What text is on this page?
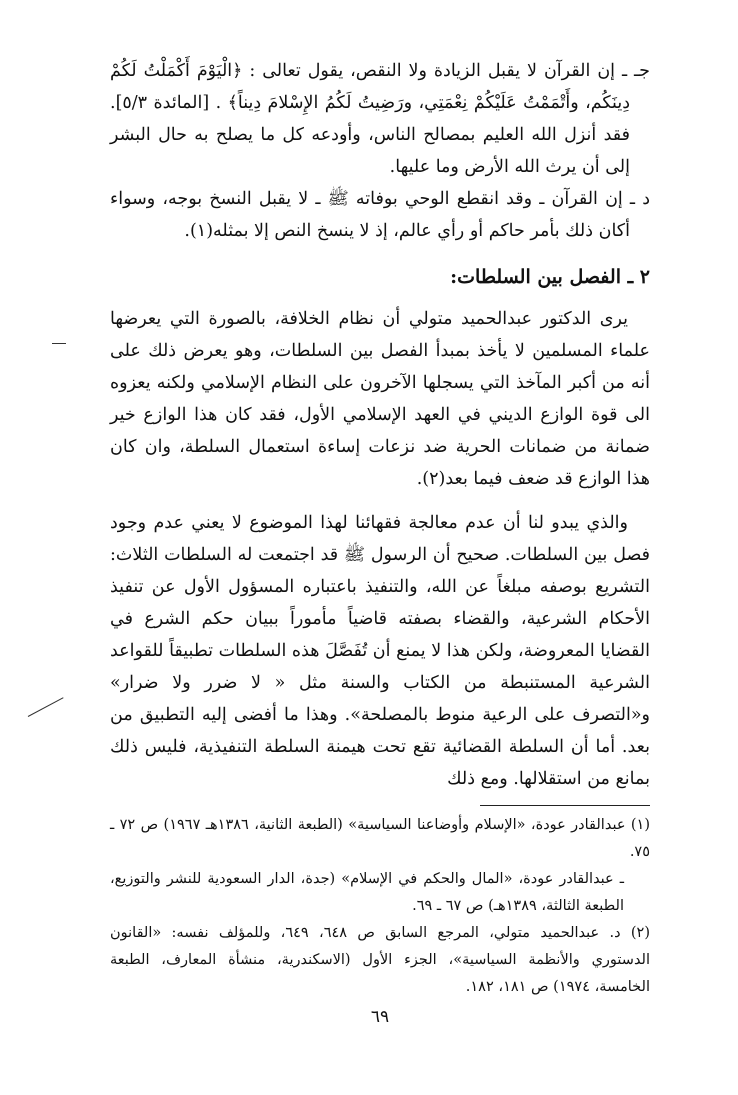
جـ ـ إن القرآن لا يقبل الزيادة ولا النقص، يقول تعالى : ﴿الْيَوْمَ أَكْمَلْتُ لَكُمْ دِينَكُم، وأَتْمَمْتُ عَلَيْكُمْ نِعْمَتِي، ورَضِيتُ لَكُمُ الإِسْلامَ دِيناً﴾ . [المائدة ٥/٣]. فقد أنزل الله العليم بمصالح الناس، وأودعه كل ما يصلح به حال البشر إلى أن يرث الله الأرض وما عليها.

د ـ إن القرآن ـ وقد انقطع الوحي بوفاته ﷺ ـ لا يقبل النسخ بوجه، وسواء أكان ذلك بأمر حاكم أو رأي عالم، إذ لا ينسخ النص إلا بمثله(١).

٢ ـ الفصل بين السلطات:

يرى الدكتور عبدالحميد متولي أن نظام الخلافة، بالصورة التي يعرضها علماء المسلمين لا يأخذ بمبدأ الفصل بين السلطات، وهو يعرض ذلك على أنه من أكبر المآخذ التي يسجلها الآخرون على النظام الإسلامي ولكنه يعزوه الى قوة الوازع الديني في العهد الإسلامي الأول، فقد كان هذا الوازع خير ضمانة من ضمانات الحرية ضد نزعات إساءة استعمال السلطة، وان كان هذا الوازع قد ضعف فيما بعد(٢).

والذي يبدو لنا أن عدم معالجة فقهائنا لهذا الموضوع لا يعني عدم وجود فصل بين السلطات. صحيح أن الرسول ﷺ قد اجتمعت له السلطات الثلاث: التشريع بوصفه مبلغاً عن الله، والتنفيذ باعتباره المسؤول الأول عن تنفيذ الأحكام الشرعية، والقضاء بصفته قاضياً مأموراً ببيان حكم الشرع في القضايا المعروضة، ولكن هذا لا يمنع أن تُفَصَّلَ هذه السلطات تطبيقاً للقواعد الشرعية المستنبطة من الكتاب والسنة مثل « لا ضرر ولا ضرار» و«التصرف على الرعية منوط بالمصلحة». وهذا ما أفضى إليه التطبيق من بعد. أما أن السلطة القضائية تقع تحت هيمنة السلطة التنفيذية، فليس ذلك بمانع من استقلالها. ومع ذلك

(١) عبدالقادر عودة، «الإسلام وأوضاعنا السياسية» (الطبعة الثانية، ١٣٨٦هـ ١٩٦٧) ص ٧٢ ـ ٧٥.

ـ عبدالقادر عودة، «المال والحكم في الإسلام» (جدة، الدار السعودية للنشر والتوزيع، الطبعة الثالثة، ١٣٨٩هـ) ص ٦٧ ـ ٦٩.

(٢) د. عبدالحميد متولي، المرجع السابق ص ٦٤٨، ٦٤٩، وللمؤلف نفسه: «القانون الدستوري والأنظمة السياسية»، الجزء الأول (الاسكندرية، منشأة المعارف، الطبعة الخامسة، ١٩٧٤) ص ١٨١، ١٨٢.

٦٩
